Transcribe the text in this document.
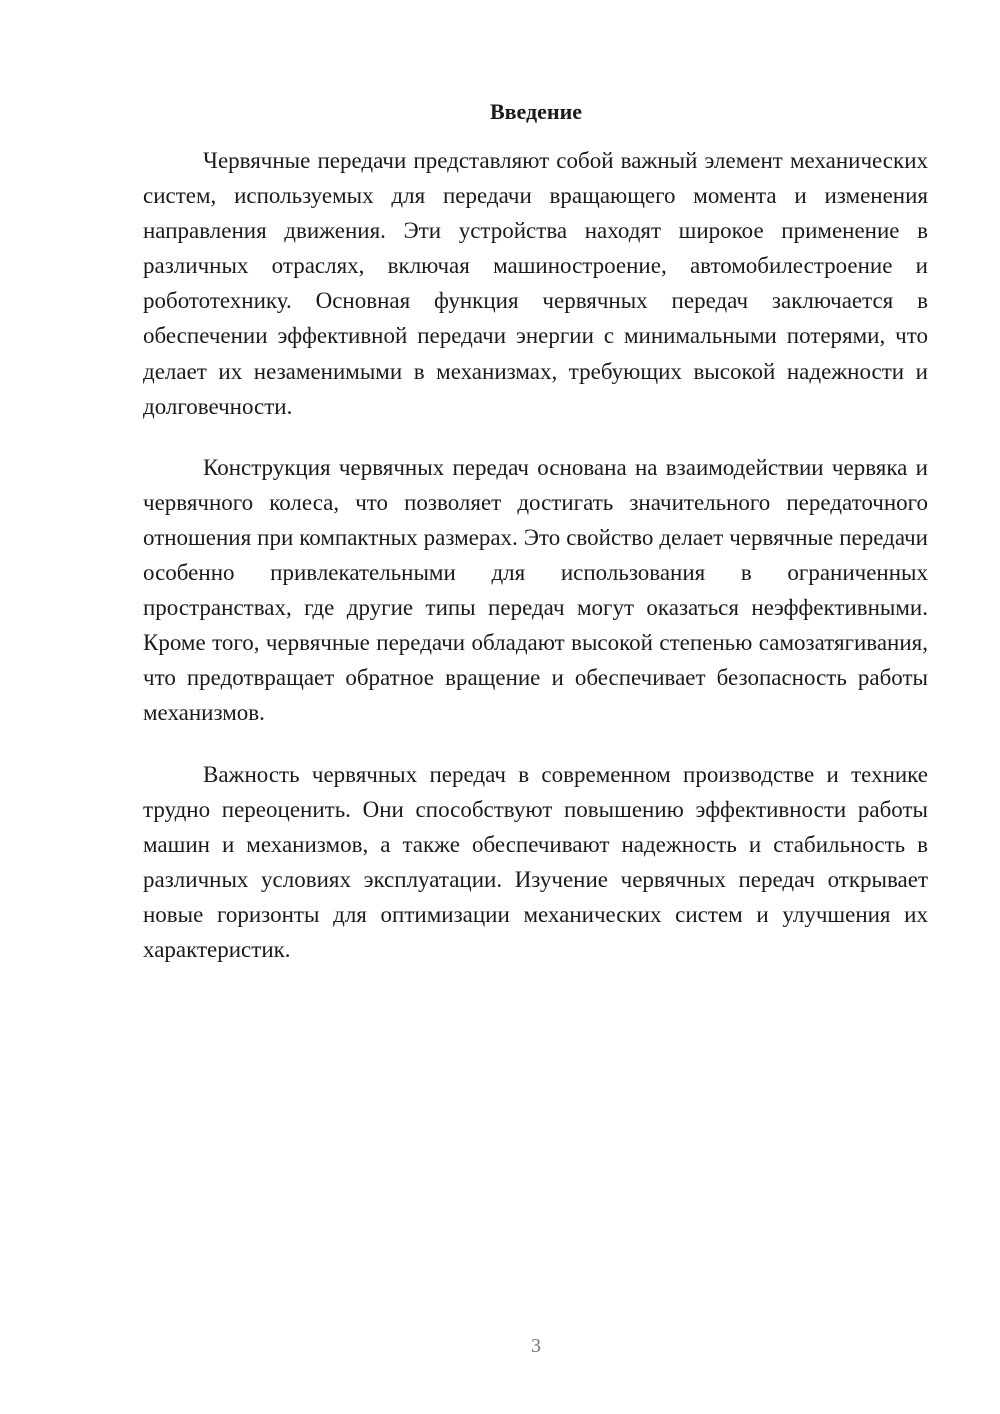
Введение

Червячные передачи представляют собой важный элемент механических систем, используемых для передачи вращающего момента и изменения направления движения. Эти устройства находят широкое применение в различных отраслях, включая машиностроение, автомобилестроение и робототехнику. Основная функция червячных передач заключается в обеспечении эффективной передачи энергии с минимальными потерями, что делает их незаменимыми в механизмах, требующих высокой надежности и долговечности.

Конструкция червячных передач основана на взаимодействии червяка и червячного колеса, что позволяет достигать значительного передаточного отношения при компактных размерах. Это свойство делает червячные передачи особенно привлекательными для использования в ограниченных пространствах, где другие типы передач могут оказаться неэффективными. Кроме того, червячные передачи обладают высокой степенью самозатягивания, что предотвращает обратное вращение и обеспечивает безопасность работы механизмов.

Важность червячных передач в современном производстве и технике трудно переоценить. Они способствуют повышению эффективности работы машин и механизмов, а также обеспечивают надежность и стабильность в различных условиях эксплуатации. Изучение червячных передач открывает новые горизонты для оптимизации механических систем и улучшения их характеристик.

3
